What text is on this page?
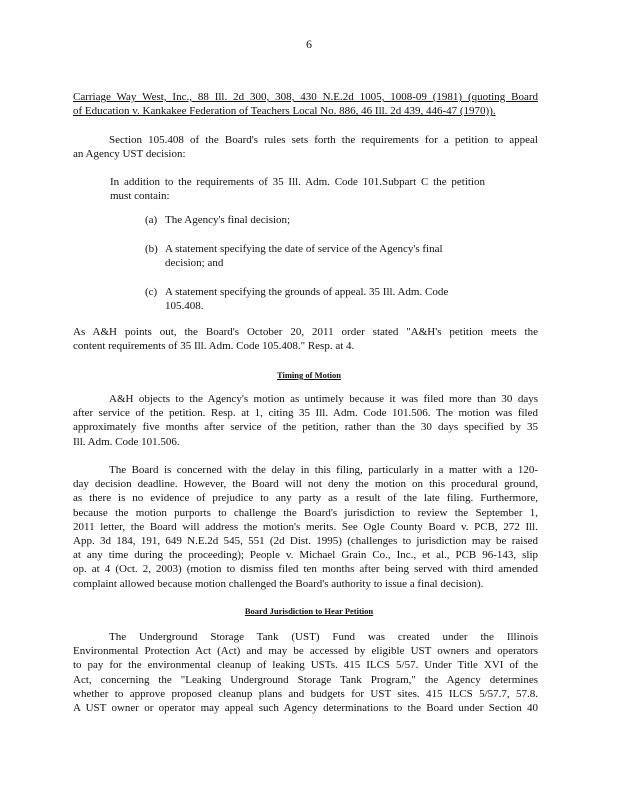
6
Carriage Way West, Inc., 88 Ill. 2d 300, 308, 430 N.E.2d 1005, 1008-09 (1981) (quoting Board
of Education v. Kankakee Federation of Teachers Local No. 886, 46 Ill. 2d 439, 446-47 (1970)).
Section 105.408 of the Board's rules sets forth the requirements for a petition to appeal
an Agency UST decision:
In addition to the requirements of 35 Ill. Adm. Code 101.Subpart C the petition
must contain:
(a) The Agency's final decision;
(b) A statement specifying the date of service of the Agency's final
decision; and
(c) A statement specifying the grounds of appeal. 35 Ill. Adm. Code
105.408.
As A&H points out, the Board's October 20, 2011 order stated "A&H's petition meets the
content requirements of 35 Ill. Adm. Code 105.408." Resp. at 4.
Timing of Motion
A&H objects to the Agency's motion as untimely because it was filed more than 30 days
after service of the petition. Resp. at 1, citing 35 Ill. Adm. Code 101.506. The motion was filed
approximately five months after service of the petition, rather than the 30 days specified by 35
Ill. Adm. Code 101.506.
The Board is concerned with the delay in this filing, particularly in a matter with a 120-
day decision deadline. However, the Board will not deny the motion on this procedural ground,
as there is no evidence of prejudice to any party as a result of the late filing. Furthermore,
because the motion purports to challenge the Board's jurisdiction to review the September 1,
2011 letter, the Board will address the motion's merits. See Ogle County Board v. PCB, 272 Ill.
App. 3d 184, 191, 649 N.E.2d 545, 551 (2d Dist. 1995) (challenges to jurisdiction may be raised
at any time during the proceeding); People v. Michael Grain Co., Inc., et al., PCB 96-143, slip
op. at 4 (Oct. 2, 2003) (motion to dismiss filed ten months after being served with third amended
complaint allowed because motion challenged the Board's authority to issue a final decision).
Board Jurisdiction to Hear Petition
The Underground Storage Tank (UST) Fund was created under the Illinois
Environmental Protection Act (Act) and may be accessed by eligible UST owners and operators
to pay for the environmental cleanup of leaking USTs. 415 ILCS 5/57. Under Title XVI of the
Act, concerning the "Leaking Underground Storage Tank Program," the Agency determines
whether to approve proposed cleanup plans and budgets for UST sites. 415 ILCS 5/57.7, 57.8.
A UST owner or operator may appeal such Agency determinations to the Board under Section 40
